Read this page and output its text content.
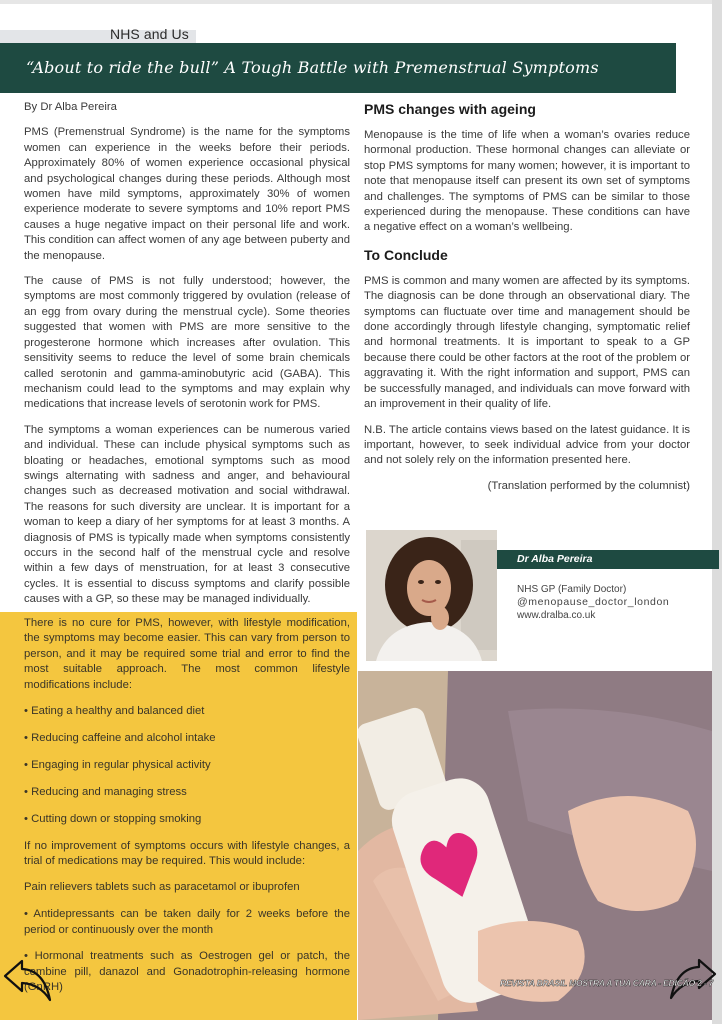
NHS and Us
“About to ride the bull” A Tough Battle with Premenstrual Symptoms
By Dr Alba Pereira

PMS (Premenstrual Syndrome) is the name for the symptoms women can experience in the weeks before their periods. Approximately 80% of women experience occasional physical and psychological changes during these periods. Although most women have mild symptoms, approximately 30% of women experience moderate to severe symptoms and 10% report PMS causes a huge negative impact on their personal life and work. This condition can affect women of any age between puberty and the menopause.

The cause of PMS is not fully understood; however, the symptoms are most commonly triggered by ovulation (release of an egg from ovary during the menstrual cycle). Some theories suggested that women with PMS are more sensitive to the progesterone hormone which increases after ovulation. This sensitivity seems to reduce the level of some brain chemicals called serotonin and gamma-aminobutyric acid (GABA). This mechanism could lead to the symptoms and may explain why medications that increase levels of serotonin work for PMS.

The symptoms a woman experiences can be numerous varied and individual. These can include physical symptoms such as bloating or headaches, emotional symptoms such as mood swings alternating with sadness and anger, and behavioural changes such as decreased motivation and social withdrawal. The reasons for such diversity are unclear. It is important for a woman to keep a diary of her symptoms for at least 3 months. A diagnosis of PMS is typically made when symptoms consistently occurs in the second half of the menstrual cycle and resolve within a few days of menstruation, for at least 3 consecutive cycles. It is essential to discuss symptoms and clarify possible causes with a GP, so these may be managed individually.

There is no cure for PMS, however, with lifestyle modification, the symptoms may become easier. This can vary from person to person, and it may be required some trial and error to find the most suitable approach. The most common lifestyle modifications include:

• Eating a healthy and balanced diet
• Reducing caffeine and alcohol intake
• Engaging in regular physical activity
• Reducing and managing stress
• Cutting down or stopping smoking

If no improvement of symptoms occurs with lifestyle changes, a trial of medications may be required. This would include:

Pain relievers tablets such as paracetamol or ibuprofen

• Antidepressants can be taken daily for 2 weeks before the period or continuously over the month

• Hormonal treatments such as Oestrogen gel or patch, the combine pill, danazol and Gonadotrophin-releasing hormone (GnRH)

PMS changes with ageing

Menopause is the time of life when a woman’s ovaries reduce hormonal production. These hormonal changes can alleviate or stop PMS symptoms for many women; however, it is important to note that menopause itself can present its own set of symptoms and challenges. The symptoms of PMS can be similar to those experienced during the menopause. These conditions can have a negative effect on a woman’s wellbeing.

To Conclude

PMS is common and many women are affected by its symptoms. The diagnosis can be done through an observational diary. The symptoms can fluctuate over time and management should be done accordingly through lifestyle changing, symptomatic relief and hormonal treatments. It is important to speak to a GP because there could be other factors at the root of the problem or aggravating it. With the right information and support, PMS can be successfully managed, and individuals can move forward with an improvement in their quality of life.

N.B. The article contains views based on the latest guidance. It is important, however, to seek individual advice from your doctor and not solely rely on the information presented here.

(Translation performed by the columnist)

Dr Alba Pereira
NHS GP (Family Doctor)
@menopause_doctor_london
www.dralba.co.uk
REVISTA BRASIL MOSTRA A TUA CARA - EDIÇÃO 2 - 7
